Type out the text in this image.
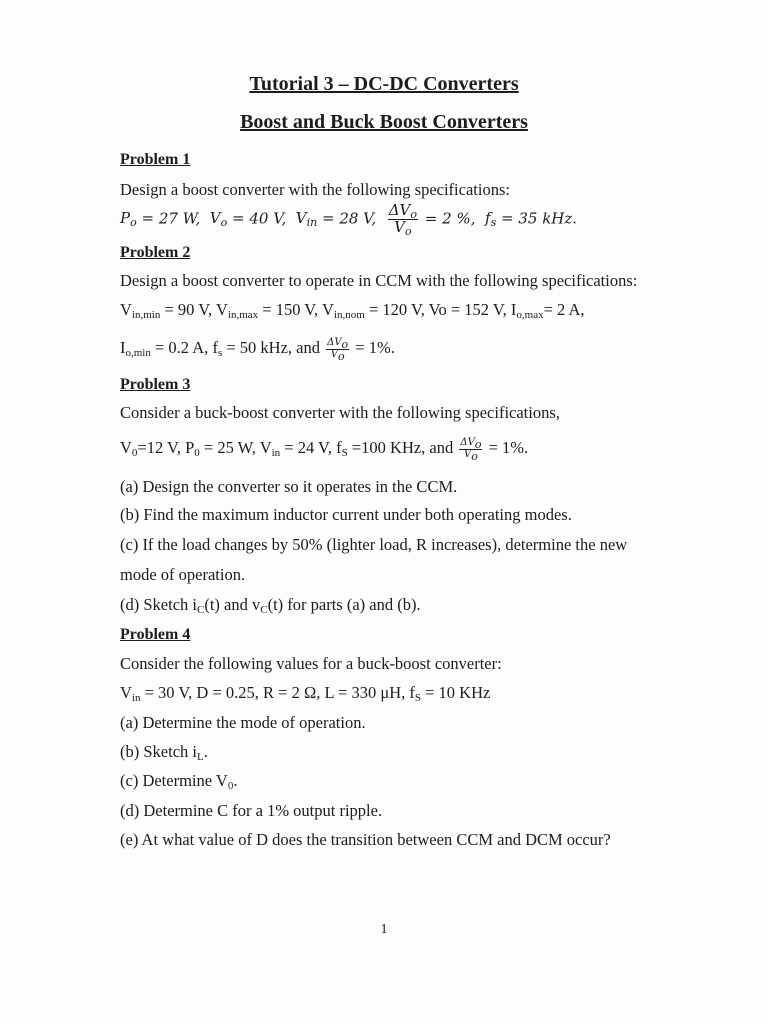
Tutorial 3 – DC-DC Converters
Boost and Buck Boost Converters
Problem 1
Design a boost converter with the following specifications:
$P_o = 27$ W, $V_o = 40$ V, $V_{in} = 28$ V, $\frac{\Delta V_o}{V_o} = 2$ %, $f_s = 35$ kHz.
Problem 2
Design a boost converter to operate in CCM with the following specifications:
$V_{in,min} = 90$ V, $V_{in,max} = 150$ V, $V_{in,nom} = 120$ V, Vo = 152 V, $I_{o,max}= 2$ A,
$I_{o,min} = 0.2$ A, $f_s = 50$ kHz, and $\frac{\Delta V_o}{V_o} = 1\%$.
Problem 3
Consider a buck-boost converter with the following specifications,
$V_0=12$ V, $P_0 = 25$ W, $V_{in} = 24$ V, $f_S =100$ KHz, and $\frac{\Delta V_o}{V_o} = 1\%$.
(a) Design the converter so it operates in the CCM.
(b) Find the maximum inductor current under both operating modes.
(c) If the load changes by 50% (lighter load, R increases), determine the new
mode of operation.
(d) Sketch $i_C(t)$ and $v_C(t)$ for parts (a) and (b).
Problem 4
Consider the following values for a buck-boost converter:
$V_{in} = 30$ V, D = 0.25, R = 2 Ω, L = 330 μH, $f_S = 10$ KHz
(a) Determine the mode of operation.
(b) Sketch $i_L$.
(c) Determine $V_0$.
(d) Determine C for a 1% output ripple.
(e) At what value of D does the transition between CCM and DCM occur?
1
